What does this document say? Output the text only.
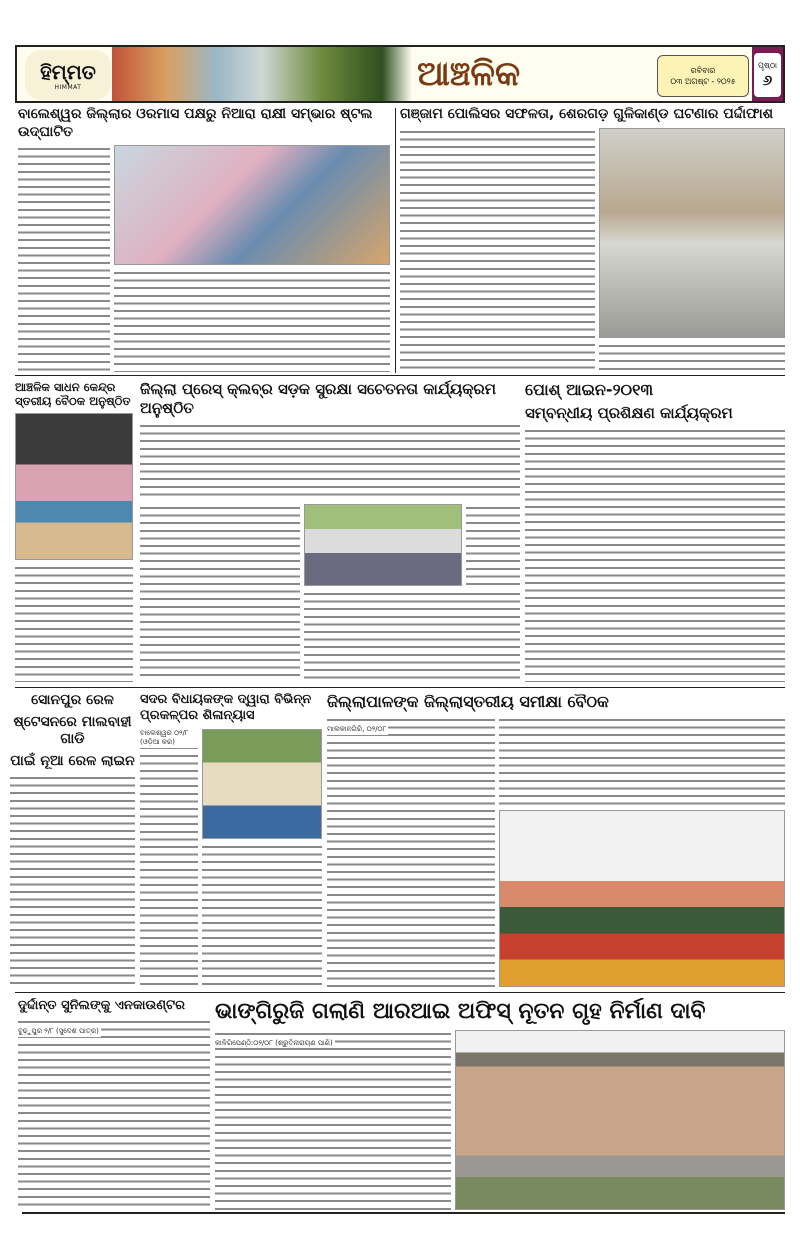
ହିମ୍ମତ
HIMMAT	ଆଞ୍ଚଳିକ	ରବିବାର
୦୩ ଅଗଷ୍ଟ - ୨୦୨୫
ପୃଷ୍ଠା
୬
ବାଲେଶ୍ୱର ଜିଲ୍ଲାର ଓରମାସ ପକ୍ଷରୁ ନିଆରା ରାକ୍ଷୀ ସମ୍ଭାର ଷ୍ଟଲ ଉଦ୍‌ଘାଟିତ
ଗଞ୍ଜାମ ପୋଲିସର ସଫଳତା, ଶେରଗଡ଼ ଗୁଳିକାଣ୍ଡ ଘଟଣାର ପର୍ଦ୍ଦାଫାଶ
ଆଞ୍ଚଳିକ ସାଧନ କେନ୍ଦ୍ର ସ୍ତରୀୟ ବୈଠକ ଅନୁଷ୍ଠିତ
ଜିଲ୍ଲା ପ୍ରେସ୍ କ୍ଲବ୍‌ର ସଡ଼କ ସୁରକ୍ଷା ସଚେତନତା କାର୍ଯ୍ୟକ୍ରମ ଅନୁଷ୍ଠିତ
ପୋଶ୍ ଆଇନ-୨୦୧୩
ସମ୍ବନ୍ଧୀୟ ପ୍ରଶିକ୍ଷଣ କାର୍ଯ୍ୟକ୍ରମ
ସୋନପୁର ରେଳ
ଷ୍ଟେସନରେ ମାଲବାହୀ ଗାଡି
ପାଇଁ ନୂଆ ରେଳ ଲାଇନ
ସଦର ବିଧାୟକଙ୍କ ଦ୍ୱାରା ବିଭିନ୍ନ ପ୍ରକଳ୍ପର ଶିଳାନ୍ୟାସ
ବାଲେଶ୍ୱର ୦୨/୮ (ଓଡ଼ିଆ କର)
ଜିଲ୍ଲାପାଳଙ୍କ ଜିଲ୍ଲାସ୍ତରୀୟ ସମୀକ୍ଷା ବୈଠକ
ମାଲକାନଗିରି, ୦୨/୦୮
ଦୁର୍ଦ୍ଦାନ୍ତ ସୁନିଲଙ୍କୁ ଏନକାଉଣ୍ଟର
ବୁଢ଼ୁପୁର ୨/୮ (ସୁଦେଶ ପାତ୍ର)
ଭାଙ୍ଗିରୁଜି ଗଲାଣି ଆରଆଇ ଅଫିସ୍ ନୂତନ ଗୃହ ନିର୍ମାଣ ଦାବି
କାଳିଗିପେଣ୍ଠି:୦୨/୦୮ (ଶ୍ରୁତିନାରାୟଣ ପାଣି)
